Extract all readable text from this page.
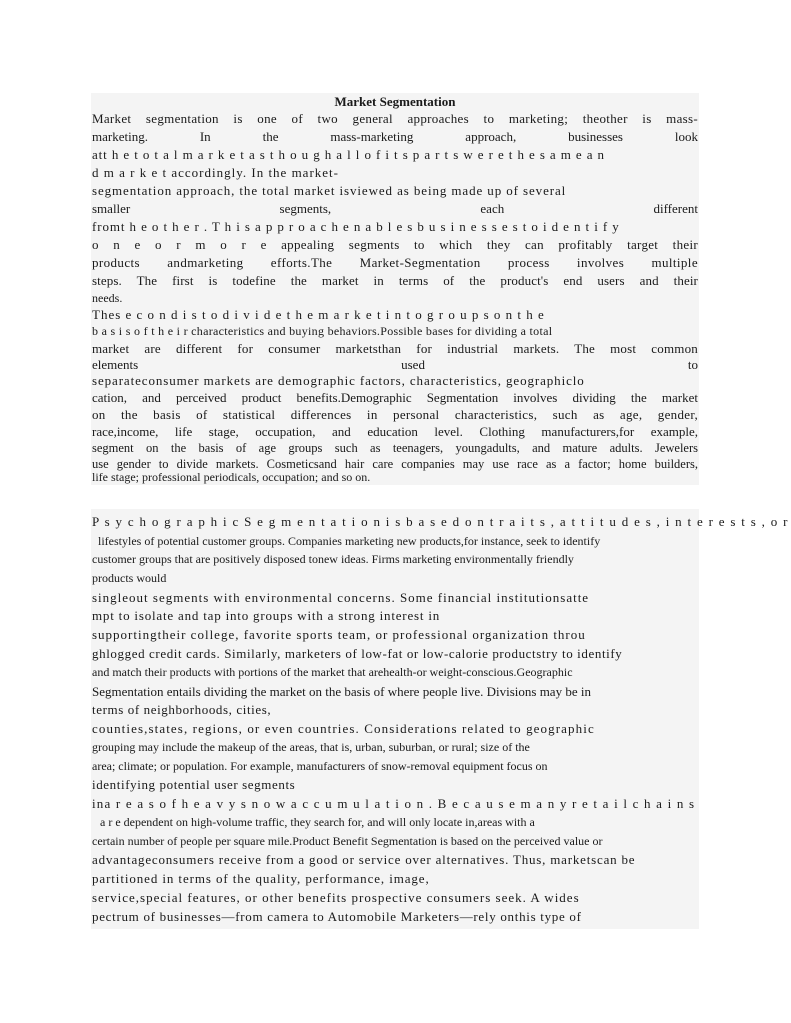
Market Segmentation
Market segmentation is one of two general approaches to marketing; theother is mass-
marketing. In the mass-marketing approach, businesses look
att h e t o t a l m a r k e t a s t h o u g h a l l o f i t s p a r t s w e r e t h e s a m e a n
d m a r k e t accordingly. In the market-
segmentation approach, the total market isviewed as being made up of several
smaller segments, each different
fromt h e o t h e r . T h i s a p p r o a c h e n a b l e s b u s i n e s s e s t o i d e n t i f y
o n e o r m o r e appealing segments to which they can profitably target their
products andmarketing efforts.The Market-Segmentation process involves multiple
steps. The first is todefine the market in terms of the product's end users and their
needs.
Thes e c o n d i s t o d i v i d e t h e m a r k e t i n t o g r o u p s o n t h e
b a s i s o f t h e i r characteristics and buying behaviors.Possible bases for dividing a total
market are different for consumer marketsthan for industrial markets. The most common
elements used to
separateconsumer markets are demographic factors, characteristics, geographiclo
cation, and perceived product benefits.Demographic Segmentation involves dividing the market
on the basis of statistical differences in personal characteristics, such as age, gender,
race,income, life stage, occupation, and education level. Clothing manufacturers,for example,
segment on the basis of age groups such as teenagers, youngadults, and mature adults. Jewelers
use gender to divide markets. Cosmeticsand hair care companies may use race as a factor; home builders,
life stage; professional periodicals, occupation; and so on.
P s y c h o g r a p h i c S e g m e n t a t i o n i s b a s e d o n t r a i t s , a t t i t u d e s , i n t e r e s t s , o r
lifestyles of potential customer groups. Companies marketing new products,for instance, seek to identify
customer groups that are positively disposed tonew ideas. Firms marketing environmentally friendly
products would
singleout segments with environmental concerns. Some financial institutionsatte
mpt to isolate and tap into groups with a strong interest in
supportingtheir college, favorite sports team, or professional organization throu
ghlogged credit cards. Similarly, marketers of low-fat or low-calorie productstry to identify
and match their products with portions of the market that arehealth-or weight-conscious.Geographic
Segmentation entails dividing the market on the basis of where people live. Divisions may be in
terms of neighborhoods, cities,
counties,states, regions, or even countries. Considerations related to geographic
grouping may include the makeup of the areas, that is, urban, suburban, or rural; size of the
area; climate; or population. For example, manufacturers of snow-removal equipment focus on
identifying potential user segments
ina r e a s o f h e a v y s n o w a c c u m u l a t i o n . B e c a u s e m a n y r e t a i l c h a i n s
a r e dependent on high-volume traffic, they search for, and will only locate in,areas with a
certain number of people per square mile.Product Benefit Segmentation is based on the perceived value or
advantageconsumers receive from a good or service over alternatives. Thus, marketscan be
partitioned in terms of the quality, performance, image,
service,special features, or other benefits prospective consumers seek. A wides
pectrum of businesses—from camera to Automobile Marketers—rely onthis type of
